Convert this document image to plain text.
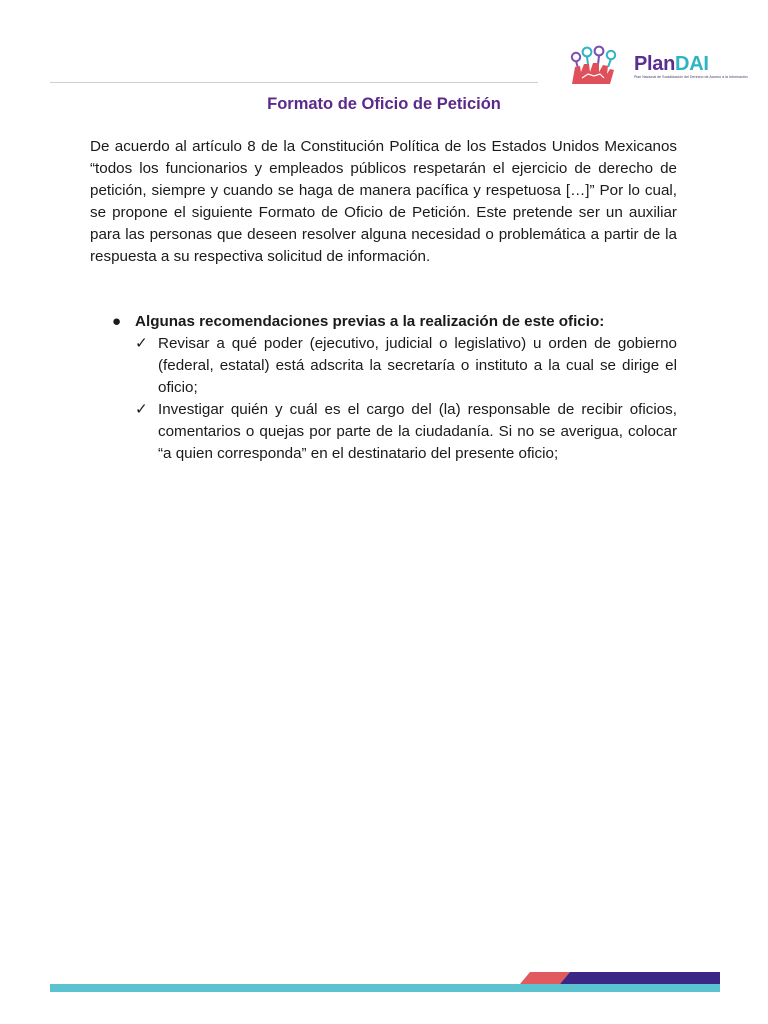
PlanDAI
Plan Nacional de Socialización del Derecho de Acceso a la Información
Formato de Oficio de Petición

De acuerdo al artículo 8 de la Constitución Política de los Estados Unidos Mexicanos “todos los funcionarios y empleados públicos respetarán el ejercicio de derecho de petición, siempre y cuando se haga de manera pacífica y respetuosa […]” Por lo cual, se propone el siguiente Formato de Oficio de Petición. Este pretende ser un auxiliar para las personas que deseen resolver alguna necesidad o problemática a partir de la respuesta a su respectiva solicitud de información.

● Algunas recomendaciones previas a la realización de este oficio:

✓ Revisar a qué poder (ejecutivo, judicial o legislativo) u orden de gobierno (federal, estatal) está adscrita la secretaría o instituto a la cual se dirige el oficio;
✓ Investigar quién y cuál es el cargo del (la) responsable de recibir oficios, comentarios o quejas por parte de la ciudadanía. Si no se averigua, colocar “a quien corresponda” en el destinatario del presente oficio;
